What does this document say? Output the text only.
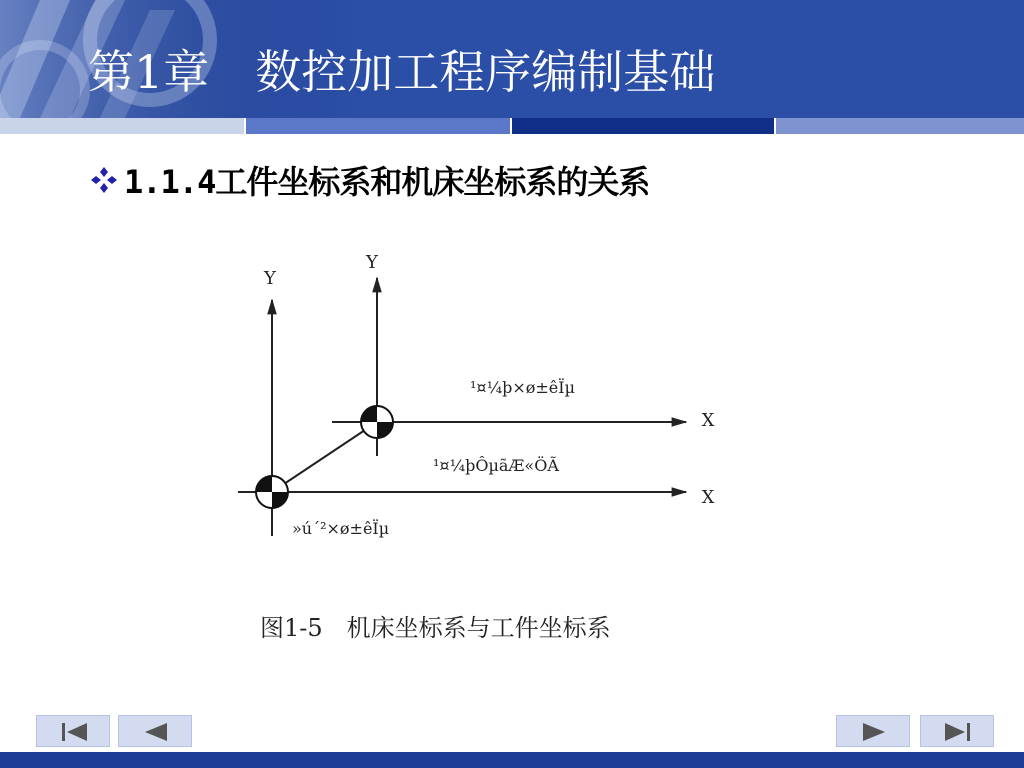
第1章　数控加工程序编制基础
1.1.4工件坐标系和机床坐标系的关系
Y
Y
X
X
¹¤¼þ×ø±êÏµ
¹¤¼þÔµãÆ«ÖÃ
»ú´²×ø±êÏµ
图1-5　机床坐标系与工件坐标系
